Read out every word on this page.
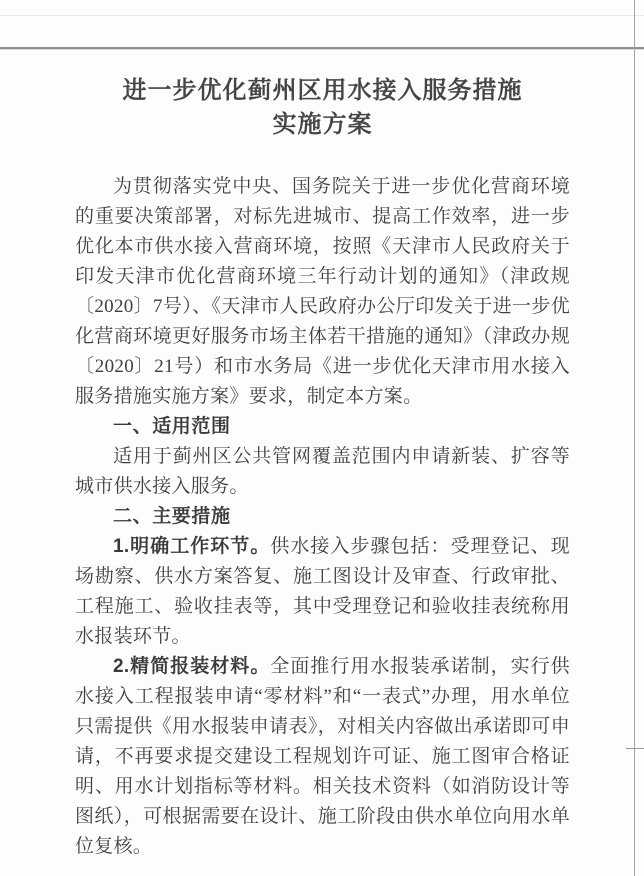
进一步优化蓟州区用水接入服务措施
实施方案

为贯彻落实党中央、国务院关于进一步优化营商环境的重要决策部署，对标先进城市、提高工作效率，进一步优化本市供水接入营商环境，按照《天津市人民政府关于印发天津市优化营商环境三年行动计划的通知》（津政规〔2020〕7号）、《天津市人民政府办公厅印发关于进一步优化营商环境更好服务市场主体若干措施的通知》（津政办规〔2020〕21号）和市水务局《进一步优化天津市用水接入服务措施实施方案》要求，制定本方案。

一、适用范围

适用于蓟州区公共管网覆盖范围内申请新装、扩容等城市供水接入服务。

二、主要措施

1.明确工作环节。供水接入步骤包括：受理登记、现场勘察、供水方案答复、施工图设计及审查、行政审批、工程施工、验收挂表等，其中受理登记和验收挂表统称用水报装环节。

2.精简报装材料。全面推行用水报装承诺制，实行供水接入工程报装申请“零材料”和“一表式”办理，用水单位只需提供《用水报装申请表》，对相关内容做出承诺即可申请，不再要求提交建设工程规划许可证、施工图审合格证明、用水计划指标等材料。相关技术资料（如消防设计等图纸），可根据需要在设计、施工阶段由供水单位向用水单位复核。
